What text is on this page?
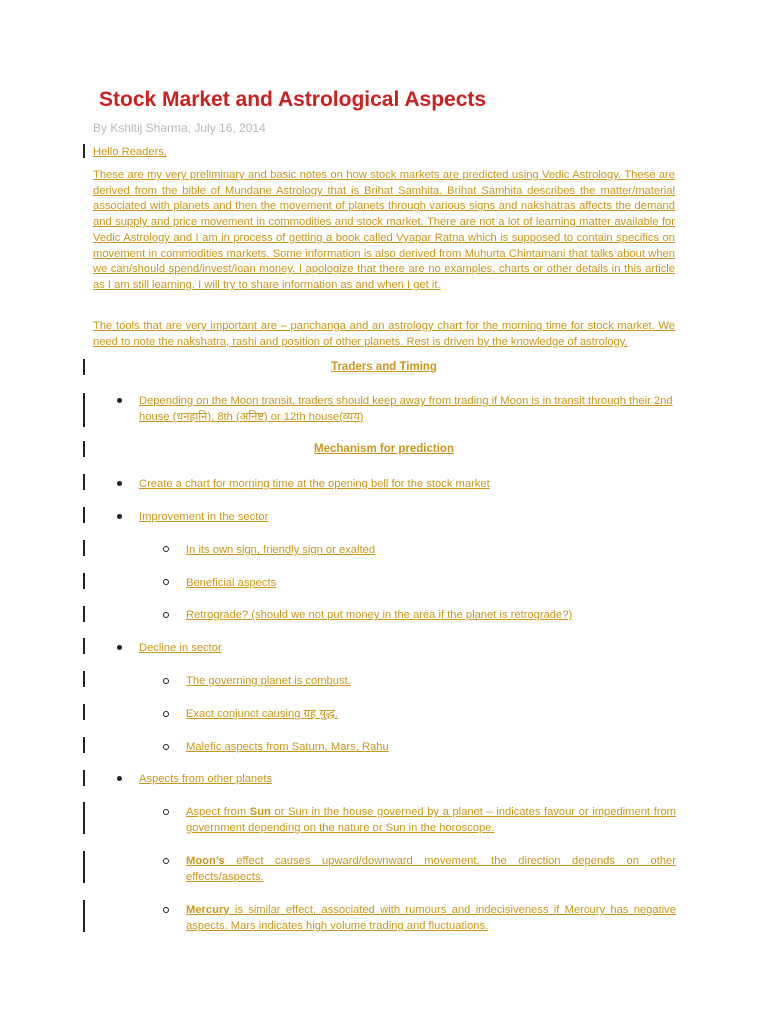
Stock Market and Astrological Aspects
By Kshitij Sharma, July 16, 2014

Hello Readers,

These are my very preliminary and basic notes on how stock markets are predicted using Vedic Astrology. These are derived from the bible of Mundane Astrology that is Brihat Samhita. Brihat Samhita describes the matter/material associated with planets and then the movement of planets through various signs and nakshatras affects the demand and supply and price movement in commodities and stock market. There are not a lot of learning matter available for Vedic Astrology and I am in process of getting a book called Vyapar Ratna which is supposed to contain specifics on movement in commodities markets. Some information is also derived from Muhurta Chintamani that talks about when we can/should spend/invest/loan money. I apologize that there are no examples, charts or other details in this article as I am still learning. I will try to share information as and when I get it.

The tools that are very important are – panchanga and an astrology chart for the morning time for stock market. We need to note the nakshatra, rashi and position of other planets. Rest is driven by the knowledge of astrology.

Traders and Timing
Depending on the Moon transit, traders should keep away from trading if Moon is in transit through their 2nd house (धनहानि), 8th (अनिष्ट) or 12th house(व्यय)
Mechanism for prediction
Create a chart for morning time at the opening bell for the stock market
Improvement in the sector
In its own sign, friendly sign or exalted
Beneficial aspects
Retrograde? (should we not put money in the area if the planet is retrograde?)
Decline in sector
The governing planet is combust.
Exact conjunct causing ग्रह युद्ध.
Malefic aspects from Saturn, Mars, Rahu
Aspects from other planets
Aspect from Sun or Sun in the house governed by a planet – indicates favour or impediment from government depending on the nature or Sun in the horoscope.
Moon’s effect causes upward/downward movement, the direction depends on other effects/aspects.
Mercury is similar effect, associated with rumours and indecisiveness if Mercury has negative aspects. Mars indicates high volume trading and fluctuations.
